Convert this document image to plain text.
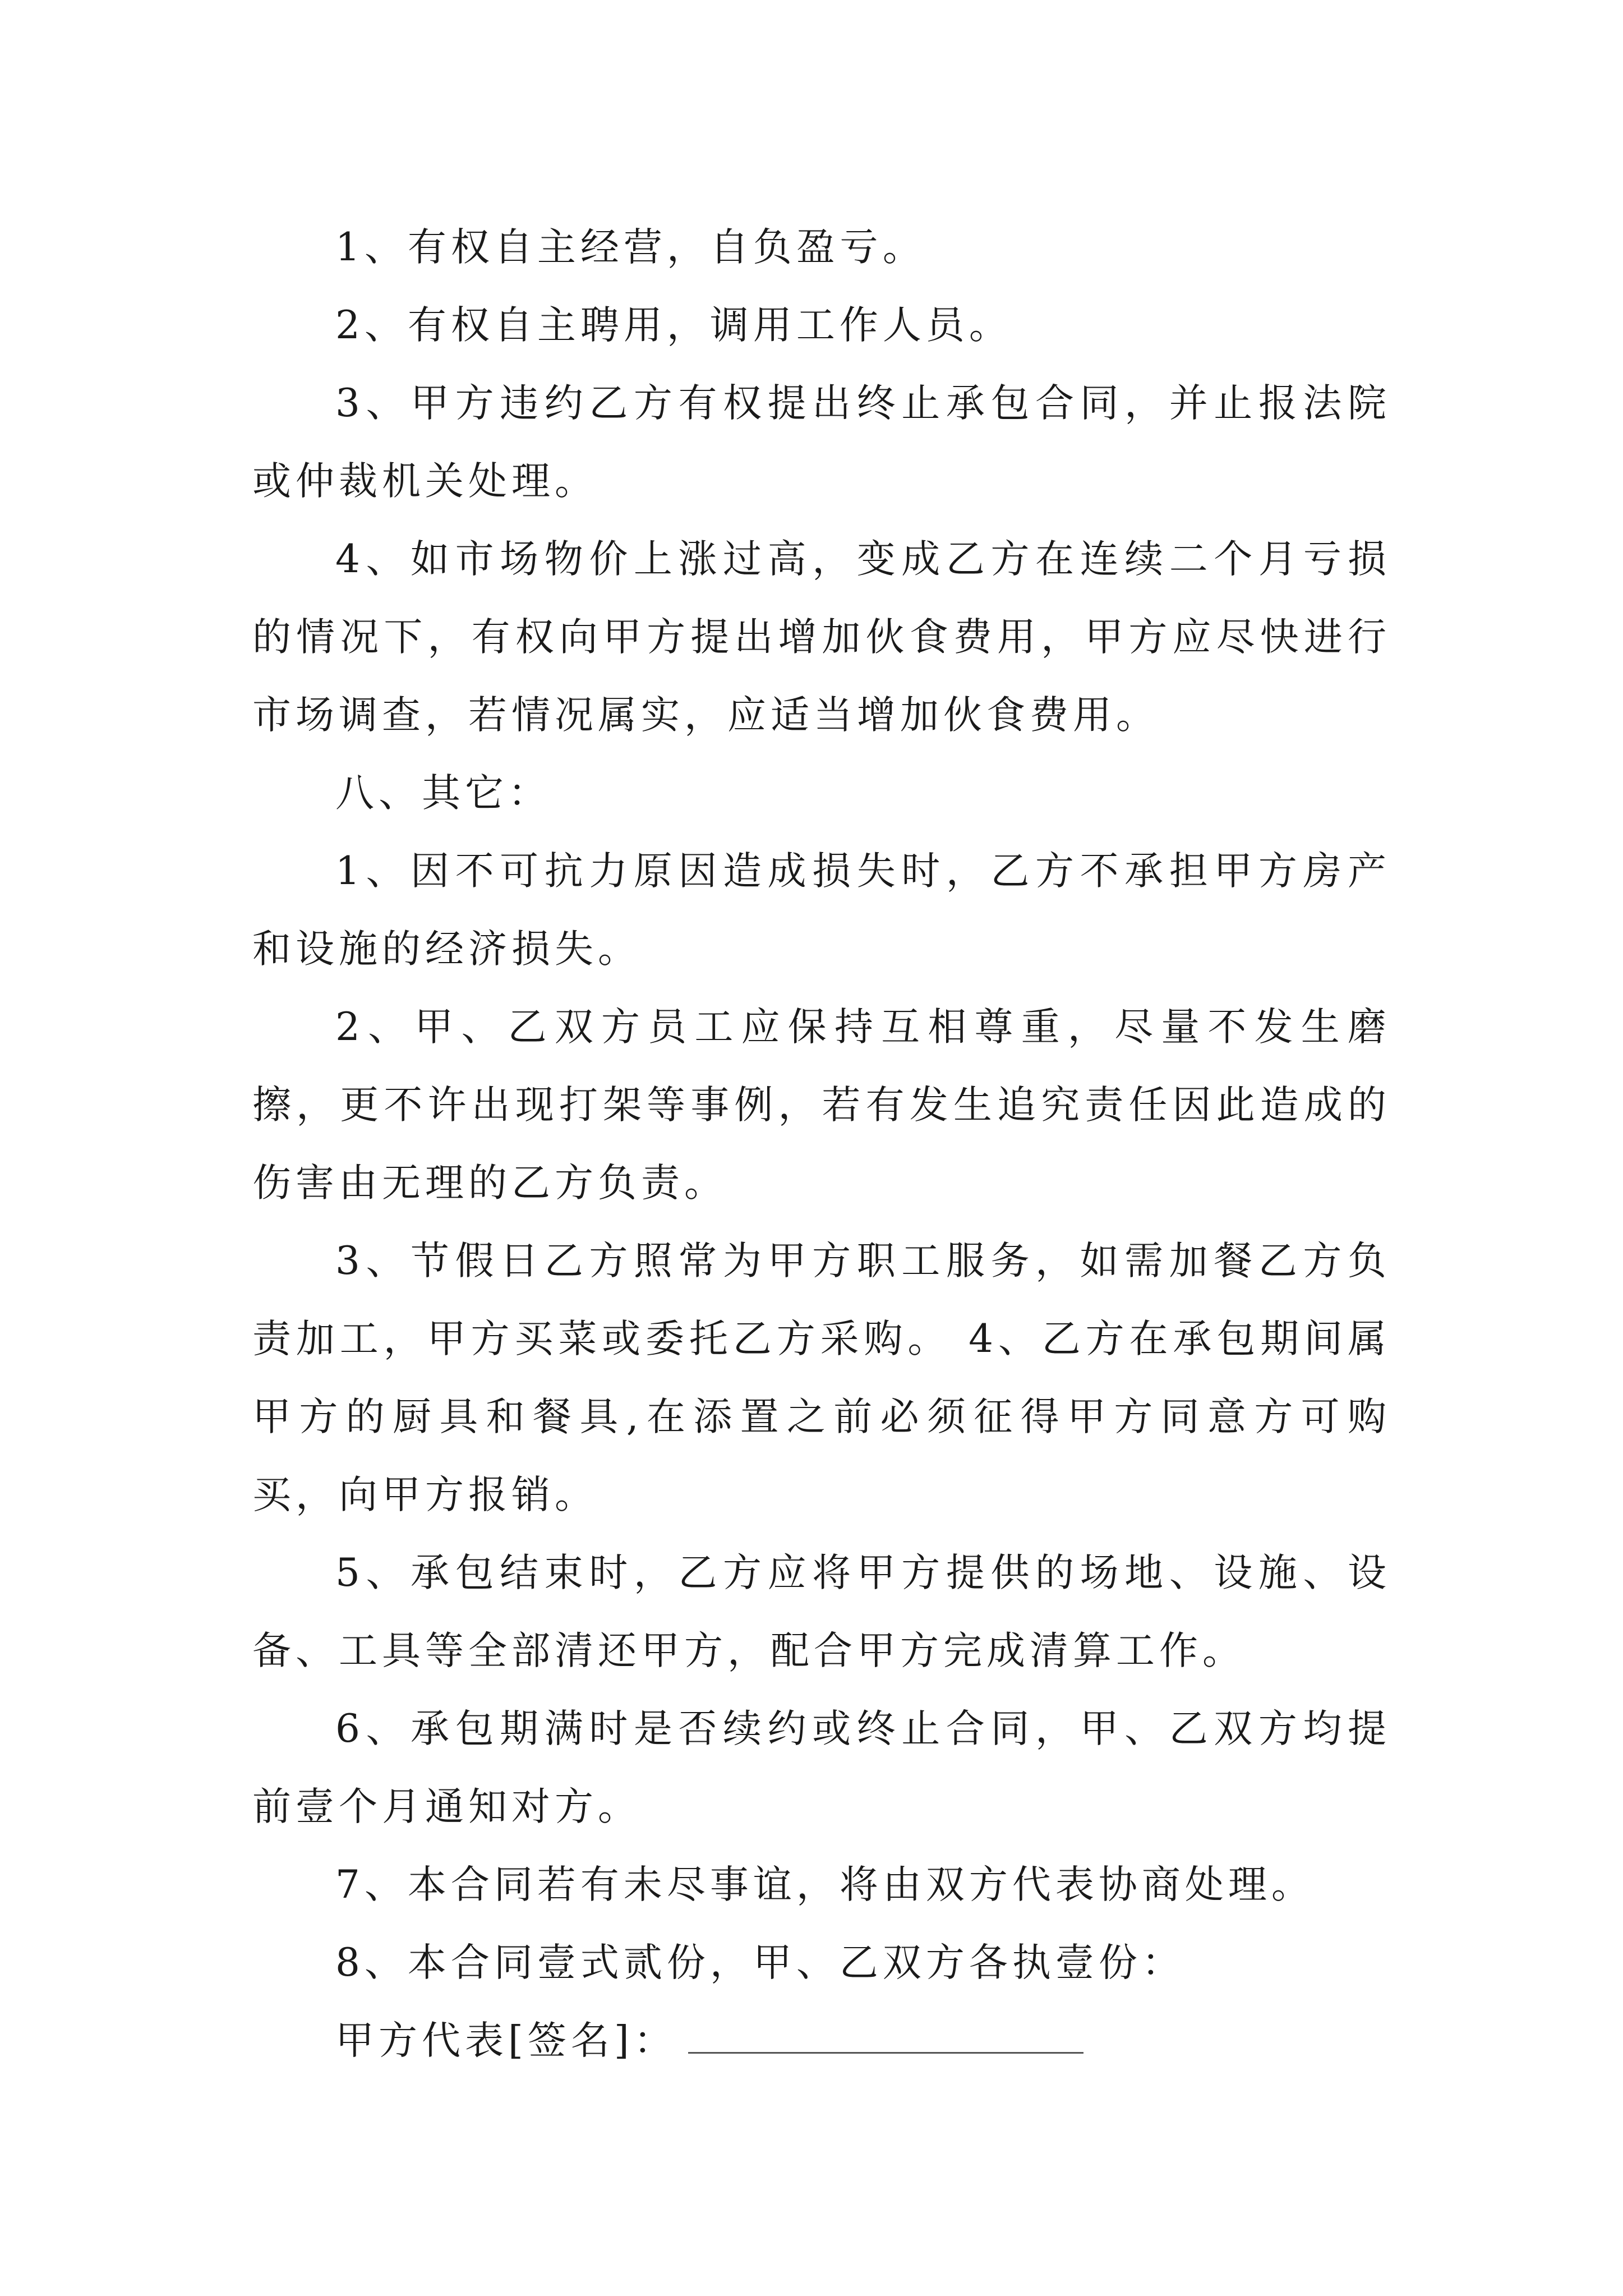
1、有权自主经营，自负盈亏。

2、有权自主聘用，调用工作人员。

3、甲方违约乙方有权提出终止承包合同，并止报法院或仲裁机关处理。

4、如市场物价上涨过高，变成乙方在连续二个月亏损的情况下，有权向甲方提出增加伙食费用，甲方应尽快进行市场调查，若情况属实，应适当增加伙食费用。

八、其它：

1、因不可抗力原因造成损失时，乙方不承担甲方房产和设施的经济损失。

2、甲、乙双方员工应保持互相尊重，尽量不发生磨擦，更不许出现打架等事例，若有发生追究责任因此造成的伤害由无理的乙方负责。

3、节假日乙方照常为甲方职工服务，如需加餐乙方负责加工，甲方买菜或委托乙方采购。 4、乙方在承包期间属甲方的厨具和餐具,在添置之前必须征得甲方同意方可购买，向甲方报销。

5、承包结束时，乙方应将甲方提供的场地、设施、设备、工具等全部清还甲方，配合甲方完成清算工作。

6、承包期满时是否续约或终止合同，甲、乙双方均提前壹个月通知对方。

7、本合同若有未尽事谊，将由双方代表协商处理。

8、本合同壹式贰份，甲、乙双方各执壹份：

甲方代表[签名]：
